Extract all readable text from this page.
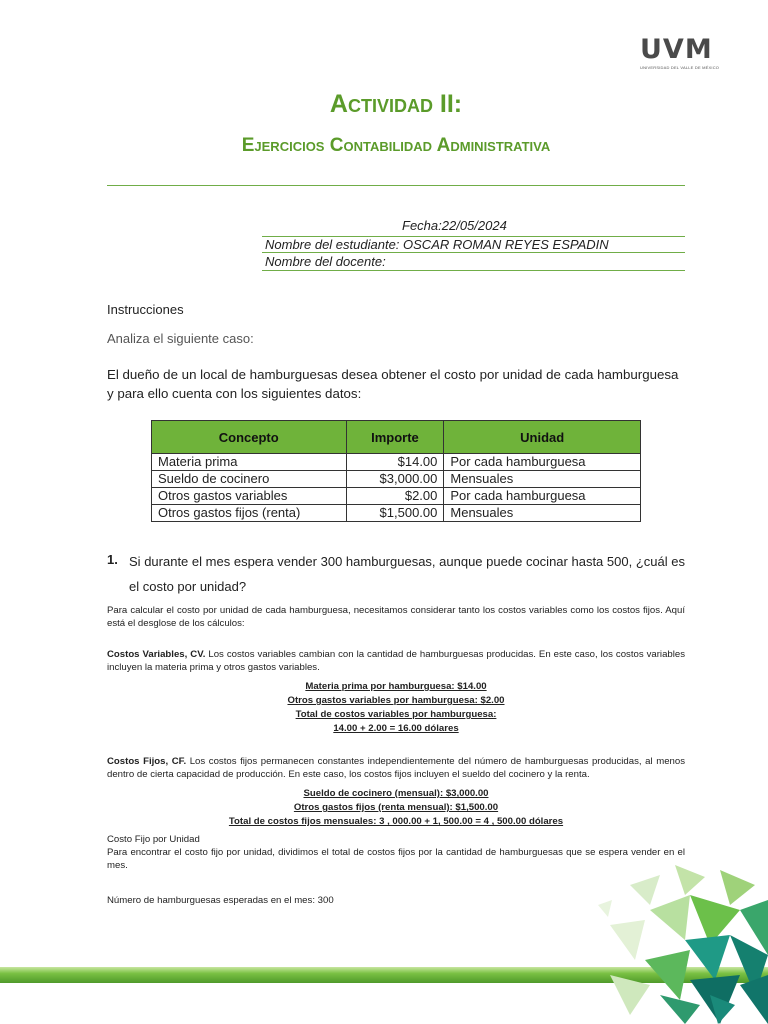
UVM
UNIVERSIDAD DEL VALLE DE MÉXICO
Actividad II:
Ejercicios Contabilidad Administrativa
Fecha:22/05/2024
Nombre del estudiante: OSCAR ROMAN REYES ESPADIN
Nombre del docente:
Instrucciones
Analiza el siguiente caso:
El dueño de un local de hamburguesas desea obtener el costo por unidad de cada hamburguesa y para ello cuenta con los siguientes datos:
Concepto	Importe	Unidad
Materia prima	$14.00	Por cada hamburguesa
Sueldo de cocinero	$3,000.00	Mensuales
Otros gastos variables	$2.00	Por cada hamburguesa
Otros gastos fijos (renta)	$1,500.00	Mensuales
1. Si durante el mes espera vender 300 hamburguesas, aunque puede cocinar hasta 500, ¿cuál es el costo por unidad?
Para calcular el costo por unidad de cada hamburguesa, necesitamos considerar tanto los costos variables como los costos fijos. Aquí está el desglose de los cálculos:
Costos Variables, CV. Los costos variables cambian con la cantidad de hamburguesas producidas. En este caso, los costos variables incluyen la materia prima y otros gastos variables.
Materia prima por hamburguesa: $14.00
Otros gastos variables por hamburguesa: $2.00
Total de costos variables por hamburguesa:
14.00 + 2.00 = 16.00 dólares
Costos Fijos, CF. Los costos fijos permanecen constantes independientemente del número de hamburguesas producidas, al menos dentro de cierta capacidad de producción. En este caso, los costos fijos incluyen el sueldo del cocinero y la renta.
Sueldo de cocinero (mensual): $3,000.00
Otros gastos fijos (renta mensual): $1,500.00
Total de costos fijos mensuales: 3 , 000.00 + 1, 500.00 = 4 , 500.00 dólares
Costo Fijo por Unidad
Para encontrar el costo fijo por unidad, dividimos el total de costos fijos por la cantidad de hamburguesas que se espera vender en el mes.
Número de hamburguesas esperadas en el mes: 300
